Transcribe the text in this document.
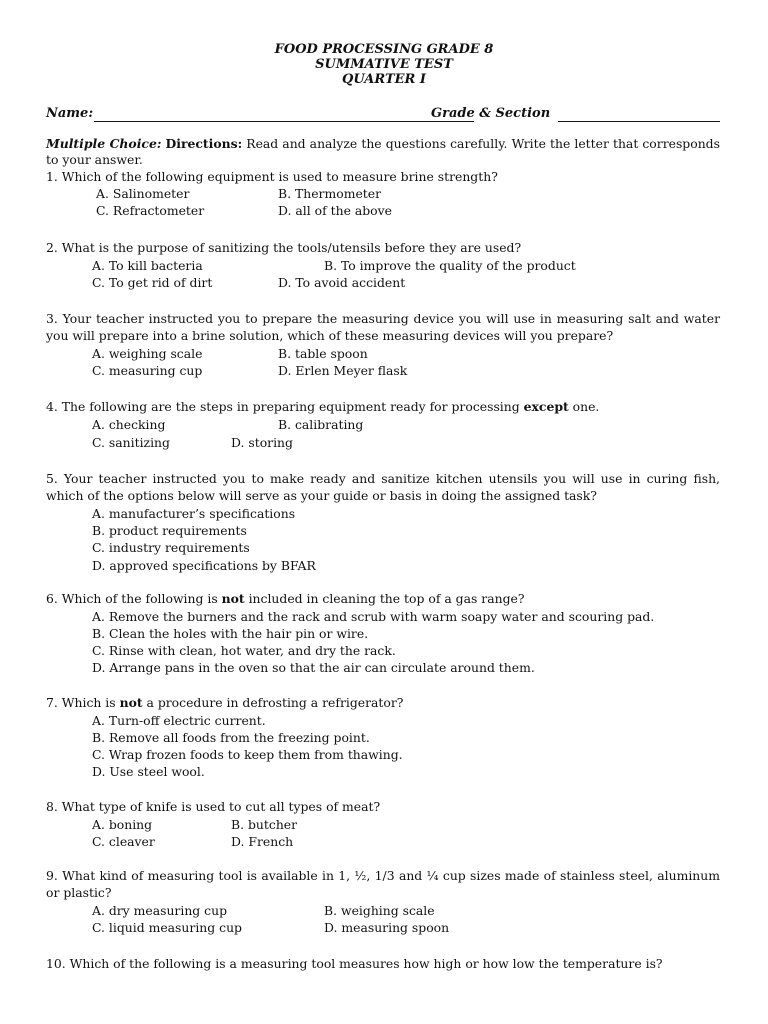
FOOD PROCESSING GRADE 8
SUMMATIVE TEST
QUARTER I
Name:	Grade & Section
Multiple Choice: Directions: Read and analyze the questions carefully. Write the letter that corresponds to your answer.
1. Which of the following equipment is used to measure brine strength?
A. Salinometer	B. Thermometer
C. Refractometer	D. all of the above
2. What is the purpose of sanitizing the tools/utensils before they are used?
A. To kill bacteria	B. To improve the quality of the product
C. To get rid of dirt	D. To avoid accident
3. Your teacher instructed you to prepare the measuring device you will use in measuring salt and water you will prepare into a brine solution, which of these measuring devices will you prepare?
A. weighing scale	B. table spoon
C. measuring cup	D. Erlen Meyer flask
4. The following are the steps in preparing equipment ready for processing except one.
A. checking	B. calibrating
C. sanitizing	D. storing
5. Your teacher instructed you to make ready and sanitize kitchen utensils you will use in curing fish, which of the options below will serve as your guide or basis in doing the assigned task?
A. manufacturer’s specifications
B. product requirements
C. industry requirements
D. approved specifications by BFAR
6. Which of the following is not included in cleaning the top of a gas range?
A. Remove the burners and the rack and scrub with warm soapy water and scouring pad.
B. Clean the holes with the hair pin or wire.
C. Rinse with clean, hot water, and dry the rack.
D. Arrange pans in the oven so that the air can circulate around them.
7. Which is not a procedure in defrosting a refrigerator?
A. Turn-off electric current.
B. Remove all foods from the freezing point.
C. Wrap frozen foods to keep them from thawing.
D. Use steel wool.
8. What type of knife is used to cut all types of meat?
A. boning	B. butcher
C. cleaver	D. French
9. What kind of measuring tool is available in 1, ½, 1/3 and ¼ cup sizes made of stainless steel, aluminum or plastic?
A. dry measuring cup	B. weighing scale
C. liquid measuring cup	D. measuring spoon
10. Which of the following is a measuring tool measures how high or how low the temperature is?
